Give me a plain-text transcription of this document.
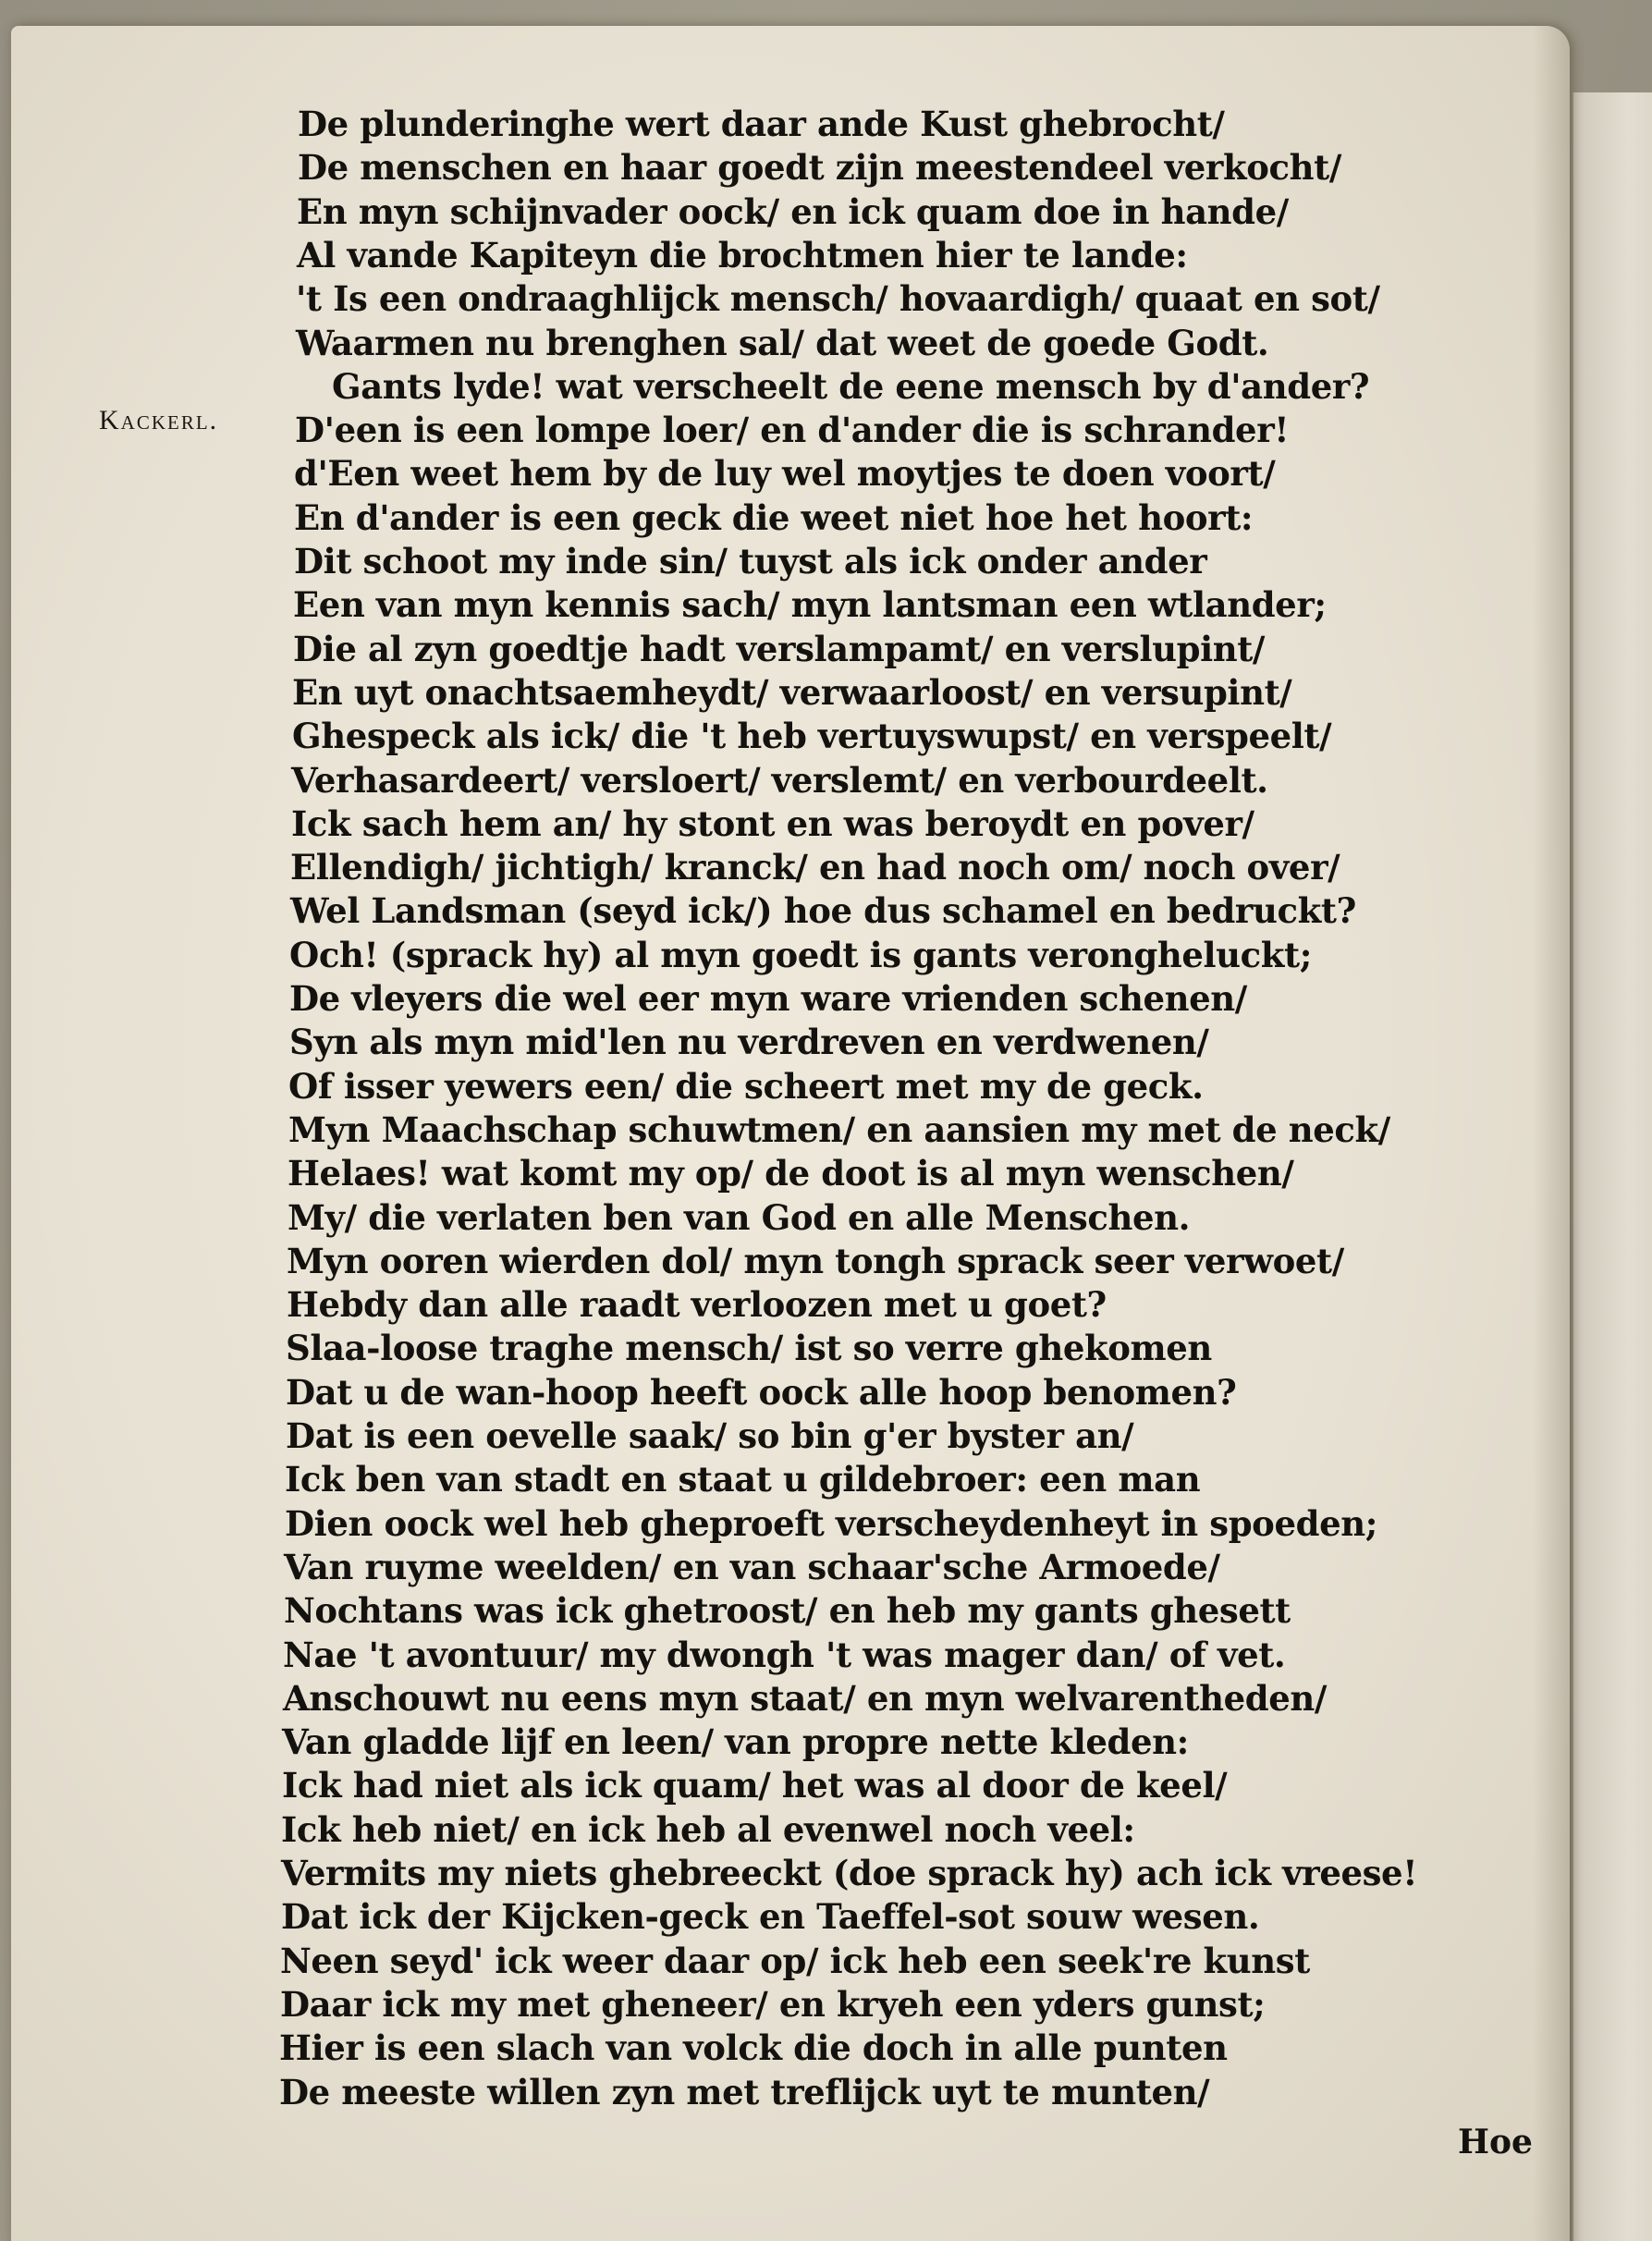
Kackerl.
De plunderinghe wert daar ande Kust ghebrocht/
De menschen en haar goedt zijn meestendeel verkocht/
En myn schijnvader oock/ en ick quam doe in hande/
Al vande Kapiteyn die brochtmen hier te lande:
't Is een ondraaghlijck mensch/ hovaardigh/ quaat en sot/
Waarmen nu brenghen sal/ dat weet de goede Godt.
Gants lyde! wat verscheelt de eene mensch by d'ander?
D'een is een lompe loer/ en d'ander die is schrander!
d'Een weet hem by de luy wel moytjes te doen voort/
En d'ander is een geck die weet niet hoe het hoort:
Dit schoot my inde sin/ tuyst als ick onder ander
Een van myn kennis sach/ myn lantsman een wtlander;
Die al zyn goedtje hadt verslampamt/ en verslupint/
En uyt onachtsaemheydt/ verwaarloost/ en versupint/
Ghespeck als ick/ die 't heb vertuyswupst/ en verspeelt/
Verhasardeert/ versloert/ verslemt/ en verbourdeelt.
Ick sach hem an/ hy stont en was beroydt en pover/
Ellendigh/ jichtigh/ kranck/ en had noch om/ noch over/
Wel Landsman (seyd ick/) hoe dus schamel en bedruckt?
Och! (sprack hy) al myn goedt is gants verongheluckt;
De vleyers die wel eer myn ware vrienden schenen/
Syn als myn mid'len nu verdreven en verdwenen/
Of isser yewers een/ die scheert met my de geck.
Myn Maachschap schuwtmen/ en aansien my met de neck/
Helaes! wat komt my op/ de doot is al myn wenschen/
My/ die verlaten ben van God en alle Menschen.
Myn ooren wierden dol/ myn tongh sprack seer verwoet/
Hebdy dan alle raadt verloozen met u goet?
Slaa-loose traghe mensch/ ist so verre ghekomen
Dat u de wan-hoop heeft oock alle hoop benomen?
Dat is een oevelle saak/ so bin g'er byster an/
Ick ben van stadt en staat u gildebroer: een man
Dien oock wel heb gheproeft verscheydenheyt in spoeden;
Van ruyme weelden/ en van schaar'sche Armoede/
Nochtans was ick ghetroost/ en heb my gants ghesett
Nae 't avontuur/ my dwongh 't was mager dan/ of vet.
Anschouwt nu eens myn staat/ en myn welvarentheden/
Van gladde lijf en leen/ van propre nette kleden:
Ick had niet als ick quam/ het was al door de keel/
Ick heb niet/ en ick heb al evenwel noch veel:
Vermits my niets ghebreeckt (doe sprack hy) ach ick vreese!
Dat ick der Kijcken-geck en Taeffel-sot souw wesen.
Neen seyd' ick weer daar op/ ick heb een seek're kunst
Daar ick my met gheneer/ en kryeh een yders gunst;
Hier is een slach van volck die doch in alle punten
De meeste willen zyn met treflijck uyt te munten/
Hoe
